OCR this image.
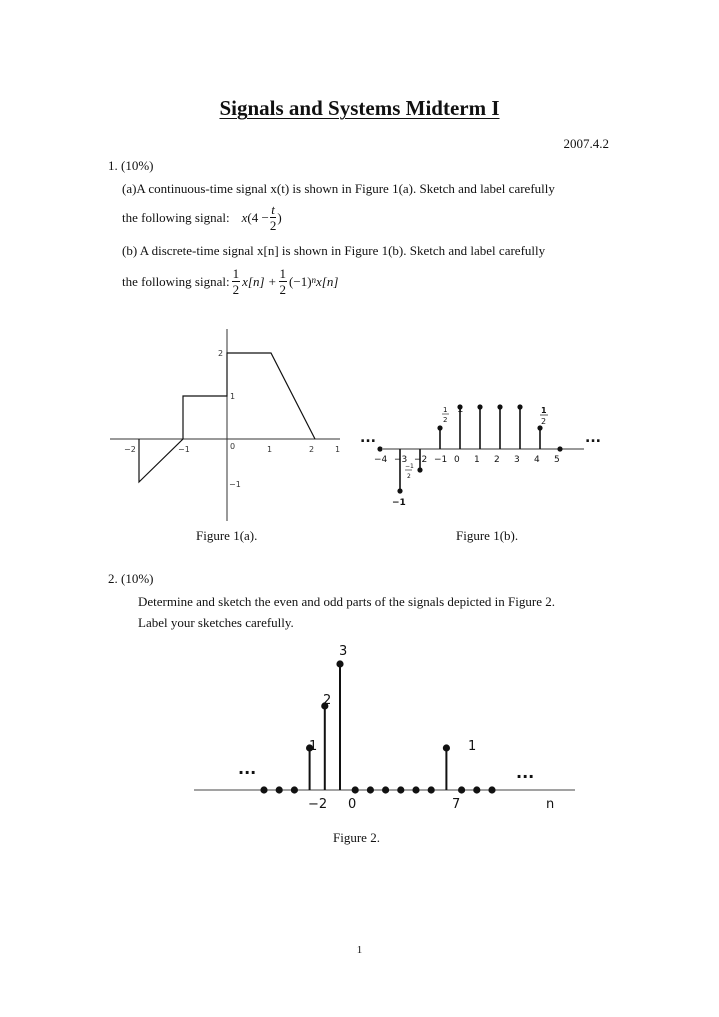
Signals and Systems Midterm I
2007.4.2
1. (10%)
(a)A continuous-time signal x(t) is shown in Figure 1(a). Sketch and label carefully
the following signal: x ($4 - \frac{t}{2}$ )
(b) A discrete-time signal x[n] is shown in Figure 1(b). Sketch and label carefully
the following signal: $\frac{1}{2} x[n] + \frac{1}{2} (-1)^n$ x[n]
−2	−1	0	1	2	1
2
1
−1
Figure 1(a).
...	...
−4 −3 −2 −1 0 1 2 3 4 5
1
2
1
2
1
−1
−1
2
Figure 1(b).
2. (10%)
Determine and sketch the even and odd parts of the signals depicted in Figure 2.
Label your sketches carefully.
...	...
−2 0	7	n
3
2
1	1
Figure 2.
1
